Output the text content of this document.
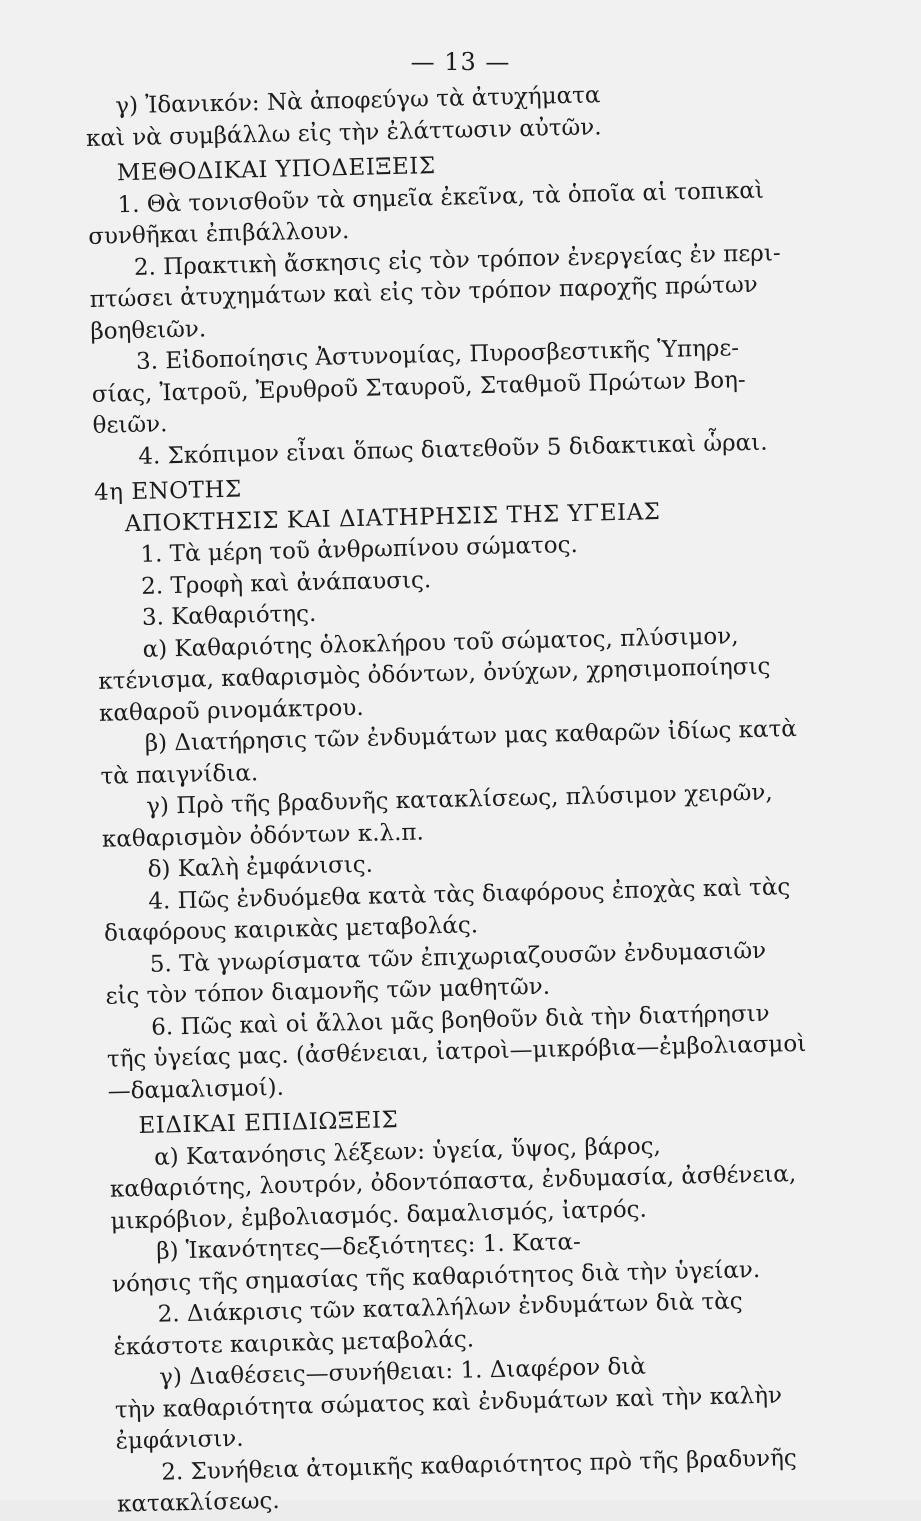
— 13 —
γ) Ἰδανικόν: Νὰ ἀποφεύγω τὰ ἀτυχήματα
καὶ νὰ συμβάλλω εἰς τὴν ἐλάττωσιν αὐτῶν.
ΜΕΘΟΔΙΚΑΙ ΥΠΟΔΕΙΞΕΙΣ
1. Θὰ τονισθοῦν τὰ σημεῖα ἐκεῖνα, τὰ ὁποῖα αἱ τοπικαὶ
συνθῆκαι ἐπιβάλλουν.
2. Πρακτικὴ ἄσκησις εἰς τὸν τρόπον ἐνεργείας ἐν περι-
πτώσει ἀτυχημάτων καὶ εἰς τὸν τρόπον παροχῆς πρώτων
βοηθειῶν.
3. Εἰδοποίησις Ἀστυνομίας, Πυροσβεστικῆς Ὑπηρε-
σίας, Ἰατροῦ, Ἐρυθροῦ Σταυροῦ, Σταθμοῦ Πρώτων Βοη-
θειῶν.
4. Σκόπιμον εἶναι ὅπως διατεθοῦν 5 διδακτικαὶ ὧραι.
4η ΕΝΟΤΗΣ
ΑΠΟΚΤΗΣΙΣ ΚΑΙ ΔΙΑΤΗΡΗΣΙΣ ΤΗΣ ΥΓΕΙΑΣ
1. Τὰ μέρη τοῦ ἀνθρωπίνου σώματος.
2. Τροφὴ καὶ ἀνάπαυσις.
3. Καθαριότης.
α) Καθαριότης ὁλοκλήρου τοῦ σώματος, πλύσιμον,
κτένισμα, καθαρισμὸς ὀδόντων, ὀνύχων, χρησιμοποίησις
καθαροῦ ρινομάκτρου.
β) Διατήρησις τῶν ἐνδυμάτων μας καθαρῶν ἰδίως κατὰ
τὰ παιγνίδια.
γ) Πρὸ τῆς βραδυνῆς κατακλίσεως, πλύσιμον χειρῶν,
καθαρισμὸν ὀδόντων κ.λ.π.
δ) Καλὴ ἐμφάνισις.
4. Πῶς ἐνδυόμεθα κατὰ τὰς διαφόρους ἐποχὰς καὶ τὰς
διαφόρους καιρικὰς μεταβολάς.
5. Τὰ γνωρίσματα τῶν ἐπιχωριαζουσῶν ἐνδυμασιῶν
εἰς τὸν τόπον διαμονῆς τῶν μαθητῶν.
6. Πῶς καὶ οἱ ἄλλοι μᾶς βοηθοῦν διὰ τὴν διατήρησιν
τῆς ὑγείας μας. (ἀσθένειαι, ἰατροὶ—μικρόβια—ἐμβολιασμοὶ
—δαμαλισμοί).
ΕΙΔΙΚΑΙ ΕΠΙΔΙΩΞΕΙΣ
α) Κατανόησις λέξεων: ὑγεία, ὕψος, βάρος,
καθαριότης, λουτρόν, ὀδοντόπαστα, ἐνδυμασία, ἀσθένεια,
μικρόβιον, ἐμβολιασμός. δαμαλισμός, ἰατρός.
β) Ἱκανότητες—δεξιότητες: 1. Κατα-
νόησις τῆς σημασίας τῆς καθαριότητος διὰ τὴν ὑγείαν.
2. Διάκρισις τῶν καταλλήλων ἐνδυμάτων διὰ τὰς
ἑκάστοτε καιρικὰς μεταβολάς.
γ) Διαθέσεις—συνήθειαι: 1. Διαφέρον διὰ
τὴν καθαριότητα σώματος καὶ ἐνδυμάτων καὶ τὴν καλὴν
ἐμφάνισιν.
2. Συνήθεια ἀτομικῆς καθαριότητος πρὸ τῆς βραδυνῆς
κατακλίσεως.
